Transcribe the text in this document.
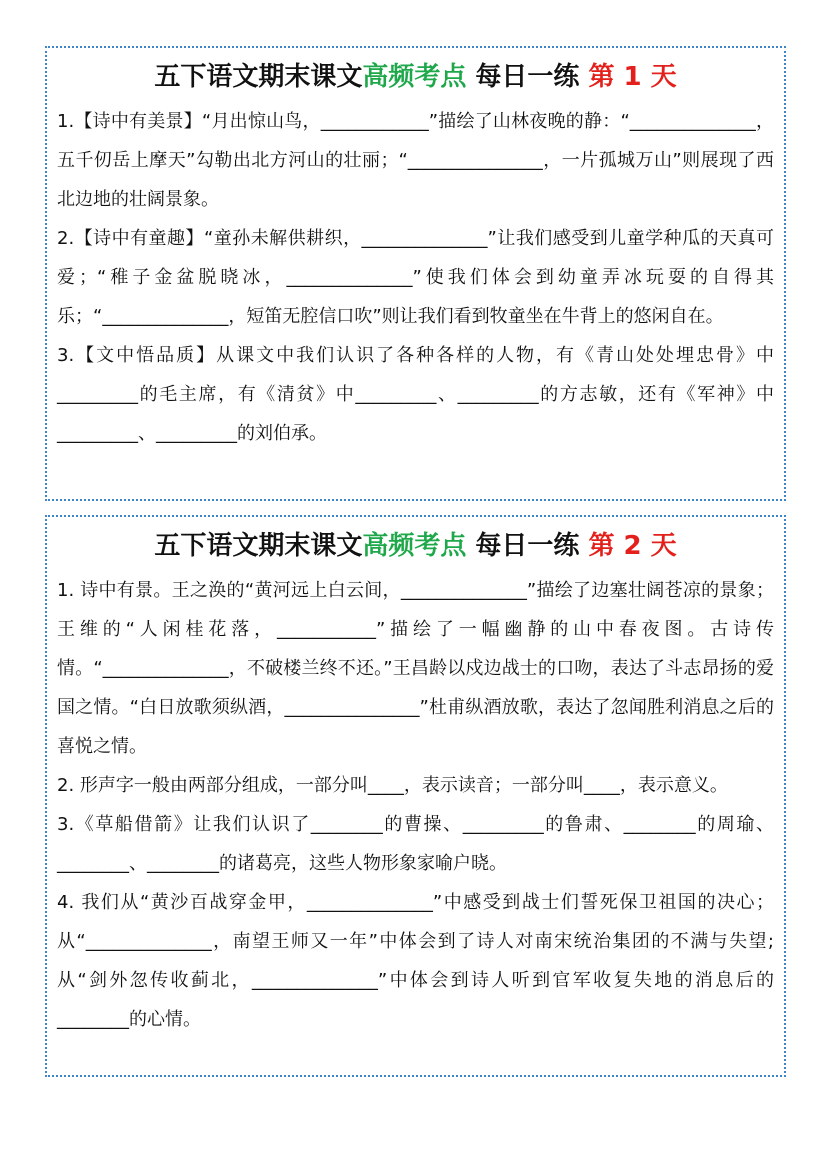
五下语文期末课文高频考点 每日一练 第 1 天

1.【诗中有美景】“月出惊山鸟，____________”描绘了山林夜晚的静：“______________，五千仞岳上摩天”勾勒出北方河山的壮丽；“_______________，一片孤城万山”则展现了西北边地的壮阔景象。

2.【诗中有童趣】“童孙未解供耕织，______________”让我们感受到儿童学种瓜的天真可爱；“稚子金盆脱晓冰，______________”使我们体会到幼童弄冰玩耍的自得其乐；“______________，短笛无腔信口吹”则让我们看到牧童坐在牛背上的悠闲自在。

3.【文中悟品质】从课文中我们认识了各种各样的人物，有《青山处处埋忠骨》中_________的毛主席，有《清贫》中_________、_________的方志敏，还有《军神》中_________、_________的刘伯承。

五下语文期末课文高频考点 每日一练 第 2 天

1. 诗中有景。王之涣的“黄河远上白云间，______________”描绘了边塞壮阔苍凉的景象；王维的“人闲桂花落，___________”描绘了一幅幽静的山中春夜图。古诗传情。“______________，不破楼兰终不还。”王昌龄以戍边战士的口吻，表达了斗志昂扬的爱国之情。“白日放歌须纵酒，_______________”杜甫纵酒放歌，表达了忽闻胜利消息之后的喜悦之情。

2. 形声字一般由两部分组成，一部分叫____，表示读音；一部分叫____，表示意义。

3.《草船借箭》让我们认识了________的曹操、_________的鲁肃、________的周瑜、________、________的诸葛亮，这些人物形象家喻户晓。

4. 我们从“黄沙百战穿金甲，______________”中感受到战士们誓死保卫祖国的决心；从“______________，南望王师又一年”中体会到了诗人对南宋统治集团的不满与失望;从“剑外忽传收蓟北，______________”中体会到诗人听到官军收复失地的消息后的________的心情。
